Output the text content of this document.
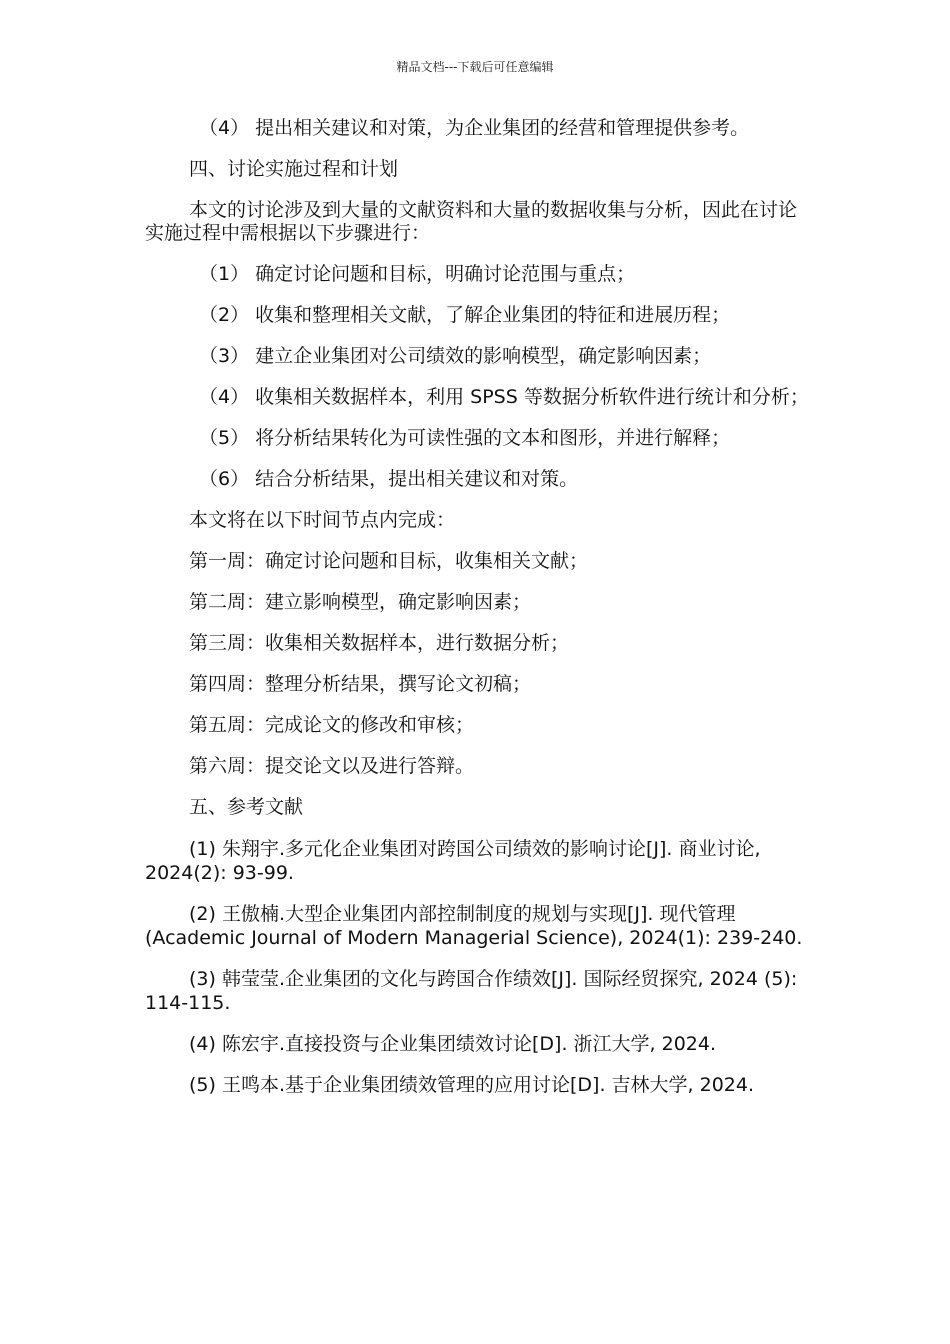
精品文档---下载后可任意编辑

（4） 提出相关建议和对策，为企业集团的经营和管理提供参考。

四、讨论实施过程和计划

本文的讨论涉及到大量的文献资料和大量的数据收集与分析，因此在讨论实施过程中需根据以下步骤进行：

（1） 确定讨论问题和目标，明确讨论范围与重点；

（2） 收集和整理相关文献，了解企业集团的特征和进展历程；

（3） 建立企业集团对公司绩效的影响模型，确定影响因素；

（4） 收集相关数据样本，利用 SPSS 等数据分析软件进行统计和分析；

（5） 将分析结果转化为可读性强的文本和图形，并进行解释；

（6） 结合分析结果，提出相关建议和对策。

本文将在以下时间节点内完成：

第一周：确定讨论问题和目标，收集相关文献；

第二周：建立影响模型，确定影响因素；

第三周：收集相关数据样本，进行数据分析；

第四周：整理分析结果，撰写论文初稿；

第五周：完成论文的修改和审核；

第六周：提交论文以及进行答辩。

五、参考文献

(1) 朱翔宇.多元化企业集团对跨国公司绩效的影响讨论[J]. 商业讨论, 2024(2): 93-99.

(2) 王傲楠.大型企业集团内部控制制度的规划与实现[J]. 现代管理 (Academic Journal of Modern Managerial Science), 2024(1): 239-240.

(3) 韩莹莹.企业集团的文化与跨国合作绩效[J]. 国际经贸探究, 2024 (5): 114-115.

(4) 陈宏宇.直接投资与企业集团绩效讨论[D]. 浙江大学, 2024.

(5) 王鸣本.基于企业集团绩效管理的应用讨论[D]. 吉林大学, 2024.
